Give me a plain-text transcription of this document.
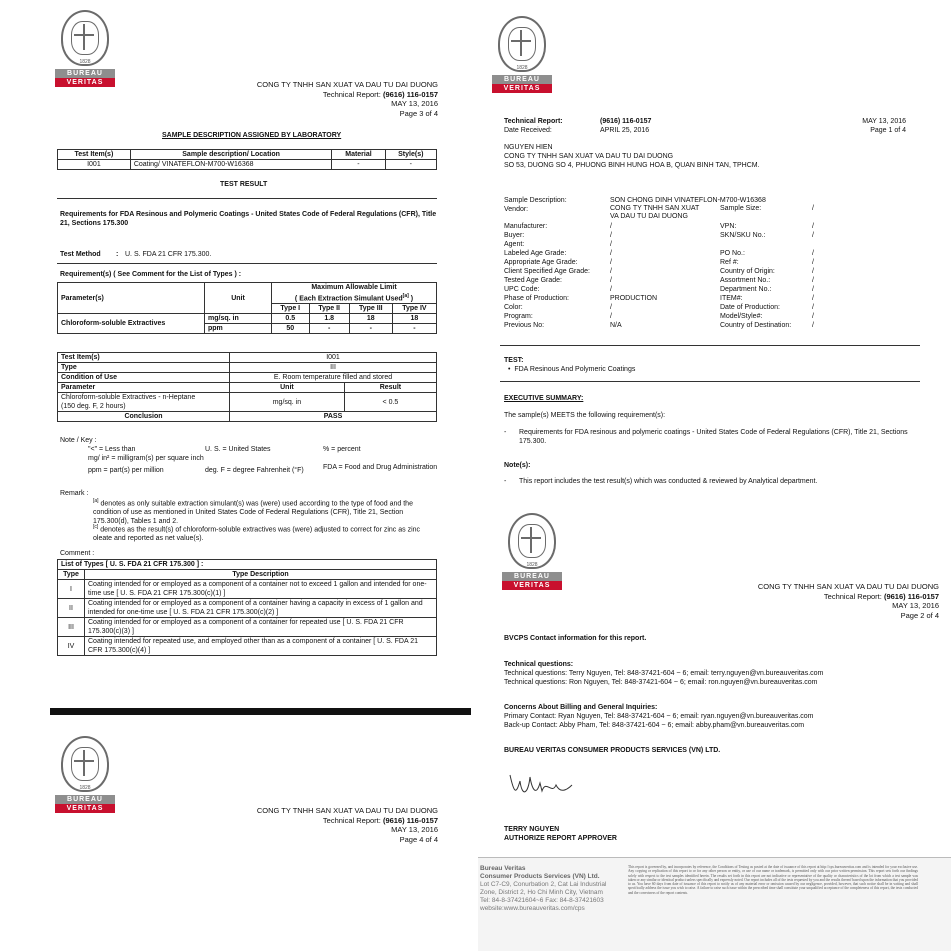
1828
BUREAU
VERITAS	CONG TY TNHH SAN XUAT VA DAU TU DAI DUONG
Technical Report: (9616) 116-0157
MAY 13, 2016
Page 3 of 4
SAMPLE DESCRIPTION ASSIGNED BY LABORATORY
Test Item(s)	Sample description/ Location	Material	Style(s)
I001	Coating/ VINATEFLON-M700-W16368	-	-
TEST RESULT
Requirements for FDA Resinous and Polymeric Coatings - United States Code of Federal Regulations (CFR), Title 21, Sections 175.300
Test Method : U. S. FDA 21 CFR 175.300.
Requirement(s) ( See Comment for the List of Types ) :
Parameter(s)	Unit	Maximum Allowable Limit
( Each Extraction Simulant Used[a] )			

		Type I	Type II	Type III	Type IV
Chloroform-soluble Extractives	mg/sq. in	0.5	1.8	18	18
	ppm	50	-	-	-
Test Item(s)	I001	
Type	III	
Condition of Use	E. Room temperature filled and stored	
Parameter	Unit	Result

Chloroform-soluble Extractives - n-Heptane
(150 deg. F, 2 hours)	mg/sq. in	< 0.5
Conclusion	PASS	
Note / Key :
"<" = Less than	U. S. = United States	% = percent
mg/ in² = milligram(s) per square inch
ppm = part(s) per million	deg. F = degree Fahrenheit (°F)	FDA = Food and Drug Administration
Remark :
[a] denotes as only suitable extraction simulant(s) was (were) used according to the type of food and the condition of use as mentioned in United States Code of Federal Regulations (CFR), Title 21, Section 175.300(d), Tables 1 and 2.
[c] denotes as the result(s) of chloroform-soluble extractives was (were) adjusted to correct for zinc as zinc oleate and reported as net value(s).
Comment :
List of Types [ U. S. FDA 21 CFR 175.300 ] :	
Type	Type Description
I	Coating intended for or employed as a component of a container not to exceed 1 gallon and intended for one-time use [ U. S. FDA 21 CFR 175.300(c)(1) ]
II	Coating intended for or employed as a component of a container having a capacity in excess of 1 gallon and intended for one-time use [ U. S. FDA 21 CFR 175.300(c)(2) ]
III	Coating intended for or employed as a component of a container for repeated use [ U. S. FDA 21 CFR 175.300(c)(3) ]
IV	Coating intended for repeated use, and employed other than as a component of a container [ U. S. FDA 21 CFR 175.300(c)(4) ]
1828
BUREAU
VERITAS	CONG TY TNHH SAN XUAT VA DAU TU DAI DUONG
Technical Report: (9616) 116-0157
MAY 13, 2016
Page 4 of 4
1828
BUREAU
VERITAS
Technical Report:	(9616) 116-0157
Date Received:	APRIL 25, 2016
MAY 13, 2016
Page 1 of 4
NGUYEN HIEN
CONG TY TNHH SAN XUAT VA DAU TU DAI DUONG
SO 53, DUONG SO 4, PHUONG BINH HUNG HOA B, QUAN BINH TAN, TPHCM.
Sample Description:	SON CHONG DINH VINATEFLON-M700-W16368
Vendor:	CONG TY TNHH SAN XUAT
VA DAU TU DAI DUONG
Manufacturer:	/
Buyer:	/
Agent:	/
Labeled Age Grade:	/
Appropriate Age Grade:	/
Client Specified Age Grade:	/
Tested Age Grade:	/
UPC Code:	/
Phase of Production:	PRODUCTION
Color:	/
Program:	/
Previous No:	N/A
Sample Size:	/
VPN:	/
SKN/SKU No.:	/
PO No.:	/
Ref #:	/
Country of Origin:	/
Assortment No.:	/
Department No.:	/
ITEM#:	/
Date of Production:	/
Model/Style#:	/
Country of Destination:	/
TEST:
•  FDA Resinous And Polymeric Coatings
EXECUTIVE SUMMARY:
The sample(s) MEETS the following requirement(s):
- Requirements for FDA resinous and polymeric coatings - United States Code of Federal Regulations (CFR), Title 21, Sections 175.300.
Note(s):
- This report includes the test result(s) which was conducted & reviewed by Analytical department.
1828
BUREAU
VERITAS	CONG TY TNHH SAN XUAT VA DAU TU DAI DUONG
Technical Report: (9616) 116-0157
MAY 13, 2016
Page 2 of 4
BVCPS Contact information for this report.
Technical questions:
Technical questions: Terry Nguyen, Tel: 848-37421-604 ~ 6; email: terry.nguyen@vn.bureauveritas.com
Technical questions: Ron Nguyen, Tel: 848-37421-604 ~ 6; email: ron.nguyen@vn.bureauveritas.com
Concerns About Billing and General Inquiries:
Primary Contact: Ryan Nguyen, Tel: 848-37421-604 ~ 6; email: ryan.nguyen@vn.bureauveritas.com
Back-up Contact: Abby Pham, Tel: 848-37421-604 ~ 6; email: abby.pham@vn.bureauveritas.com
BUREAU VERITAS CONSUMER PRODUCTS SERVICES (VN) LTD.
TERRY NGUYEN
AUTHORIZE REPORT APPROVER
Bureau Veritas
Consumer Products Services (VN) Ltd.
Lot C7-C9, Conurbation 2, Cat Lai Industrial
Zone, District 2, Ho Chi Minh City, Vietnam
Tel: 84-8-37421604~6 Fax: 84-8-37421603
website:www.bureauveritas.com/cps
This report is governed by, and incorporates by reference, the Conditions of Testing as posted at the date of issuance of this report at http://cps.bureauveritas.com and is intended for your exclusive use. Any copying or replication of this report to or for any other person or entity, or use of our name or trademark, is permitted only with our prior written permission. This report sets forth our findings solely with respect to the test samples identified herein. The results set forth in this report are not indicative or representative of the quality or characteristics of the lot from which a test sample was taken or any similar or identical product unless specifically and expressly noted. Our report includes all of the tests requested by you and the results thereof based upon the information that you provided to us. You have 60 days from date of issuance of this report to notify us of any material error or omission caused by our negligence, provided, however, that such notice shall be in writing and shall specifically address the issue you wish to raise. A failure to raise such issue within the prescribed time shall constitute your unqualified acceptance of the completeness of this report, the tests conducted and the correctness of the report contents.
